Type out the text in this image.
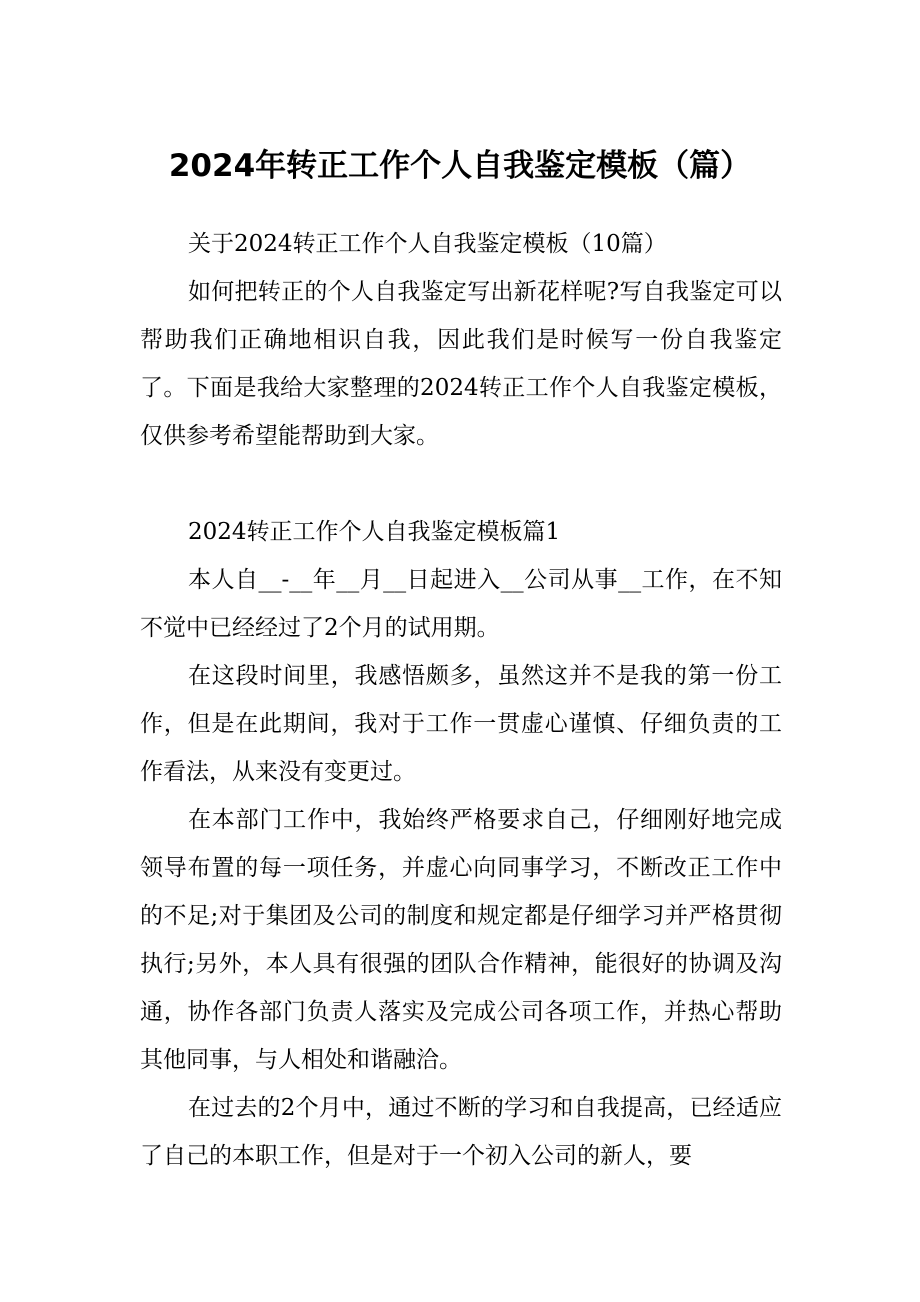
2024年转正工作个人自我鉴定模板（篇）

关于2024转正工作个人自我鉴定模板（10篇）

如何把转正的个人自我鉴定写出新花样呢?写自我鉴定可以帮助我们正确地相识自我，因此我们是时候写一份自我鉴定了。下面是我给大家整理的2024转正工作个人自我鉴定模板，仅供参考希望能帮助到大家。

2024转正工作个人自我鉴定模板篇1

本人自__-__年__月__日起进入__公司从事__工作，在不知不觉中已经经过了2个月的试用期。

在这段时间里，我感悟颇多，虽然这并不是我的第一份工作，但是在此期间，我对于工作一贯虚心谨慎、仔细负责的工作看法，从来没有变更过。

在本部门工作中，我始终严格要求自己，仔细刚好地完成领导布置的每一项任务，并虚心向同事学习，不断改正工作中的不足;对于集团及公司的制度和规定都是仔细学习并严格贯彻执行;另外，本人具有很强的团队合作精神，能很好的协调及沟通，协作各部门负责人落实及完成公司各项工作，并热心帮助其他同事，与人相处和谐融洽。

在过去的2个月中，通过不断的学习和自我提高，已经适应了自己的本职工作，但是对于一个初入公司的新人，要
